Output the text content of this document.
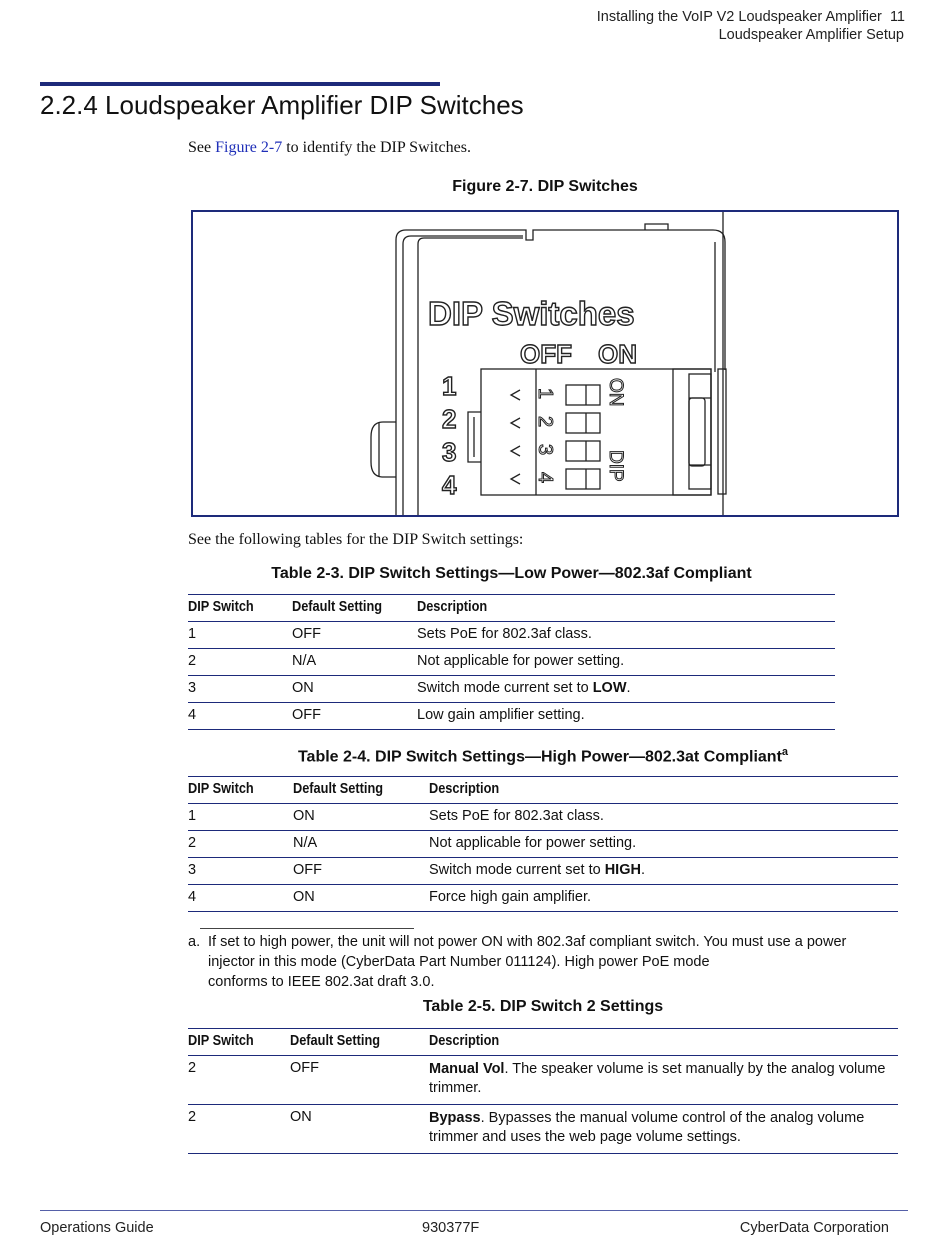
Installing the VoIP V2 Loudspeaker Amplifier 11
Loudspeaker Amplifier Setup
2.2.4 Loudspeaker Amplifier DIP Switches
See Figure 2-7 to identify the DIP Switches.
Figure 2-7. DIP Switches
DIP Switches
OFF ON
1
2
3
4
1
2
3
4
ON
DIP
See the following tables for the DIP Switch settings:
Table 2-3. DIP Switch Settings—Low Power—802.3af Compliant
DIP Switch	Default Setting	Description
1	OFF	Sets PoE for 802.3af class.
2	N/A	Not applicable for power setting.
3	ON	Switch mode current set to LOW.
4	OFF	Low gain amplifier setting.
Table 2-4. DIP Switch Settings—High Power—802.3at Compliant$^a$
DIP Switch	Default Setting	Description
1	ON	Sets PoE for 802.3at class.
2	N/A	Not applicable for power setting.
3	OFF	Switch mode current set to HIGH.
4	ON	Force high gain amplifier.
a. If set to high power, the unit will not power ON with 802.3af compliant switch. You must use a power
injector in this mode (CyberData Part Number 011124). High power PoE mode
conforms to IEEE 802.3at draft 3.0.
Table 2-5. DIP Switch 2 Settings
DIP Switch	Default Setting	Description
2	OFF	Manual Vol. The speaker volume is set manually by the analog volume trimmer.
2	ON	Bypass. Bypasses the manual volume control of the analog volume trimmer and uses the web page volume settings.
Operations Guide	930377F	CyberData Corporation
